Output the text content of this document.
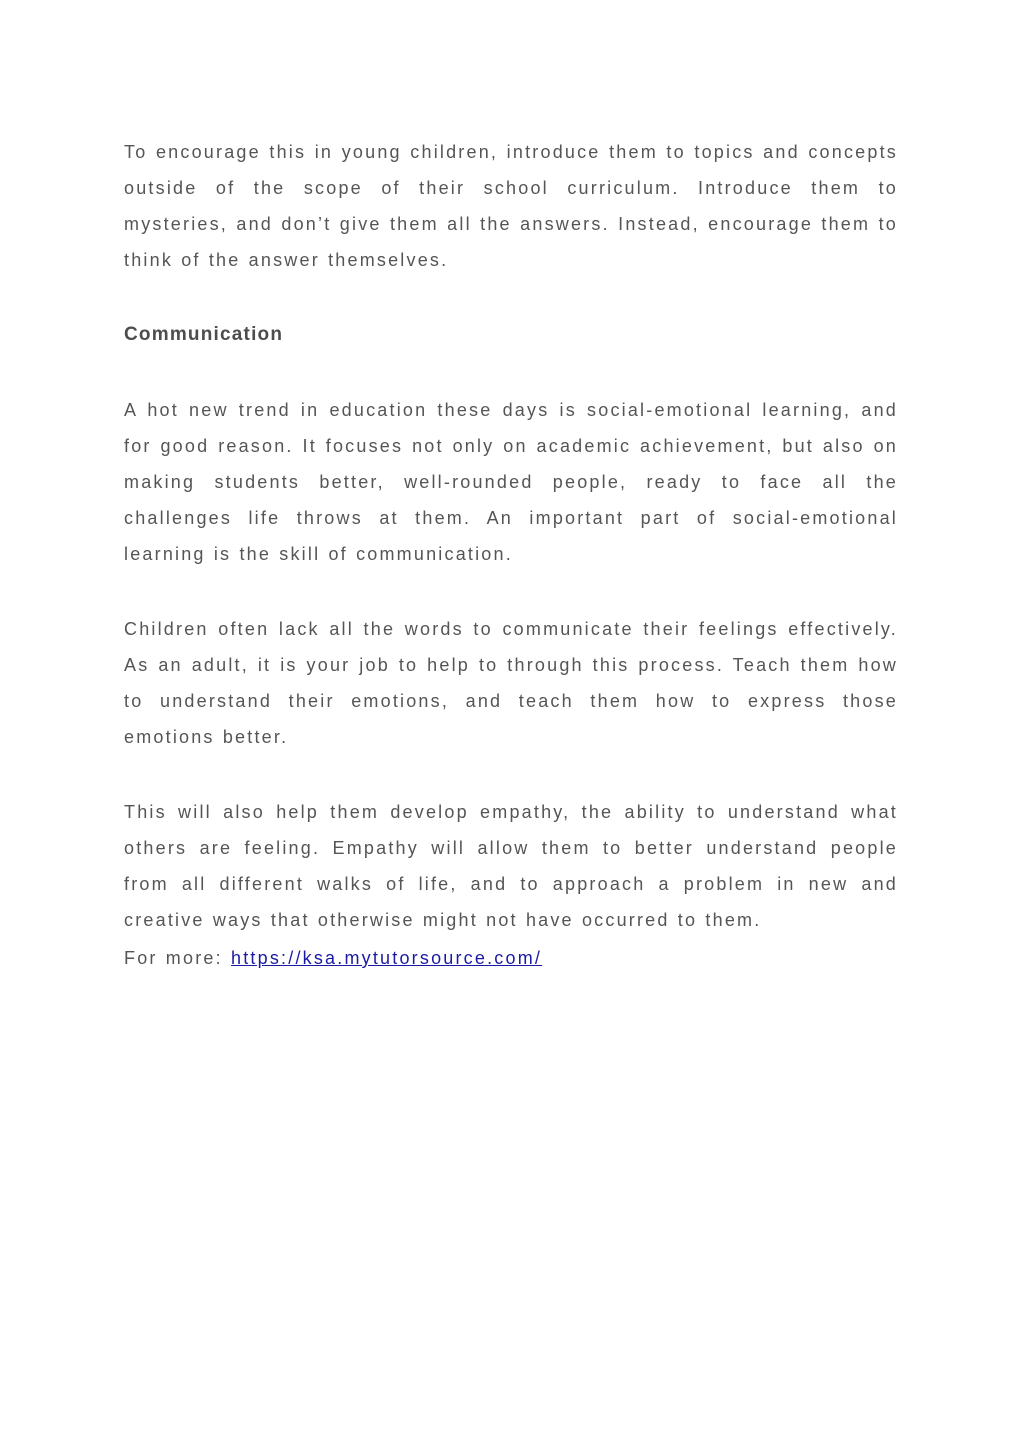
To encourage this in young children, introduce them to topics and concepts outside of the scope of their school curriculum. Introduce them to mysteries, and don’t give them all the answers. Instead, encourage them to think of the answer themselves.

Communication

A hot new trend in education these days is social-emotional learning, and for good reason. It focuses not only on academic achievement, but also on making students better, well-rounded people, ready to face all the challenges life throws at them. An important part of social-emotional learning is the skill of communication.

Children often lack all the words to communicate their feelings effectively. As an adult, it is your job to help to through this process. Teach them how to understand their emotions, and teach them how to express those emotions better.

This will also help them develop empathy, the ability to understand what others are feeling. Empathy will allow them to better understand people from all different walks of life, and to approach a problem in new and creative ways that otherwise might not have occurred to them.

For more: https://ksa.mytutorsource.com/
